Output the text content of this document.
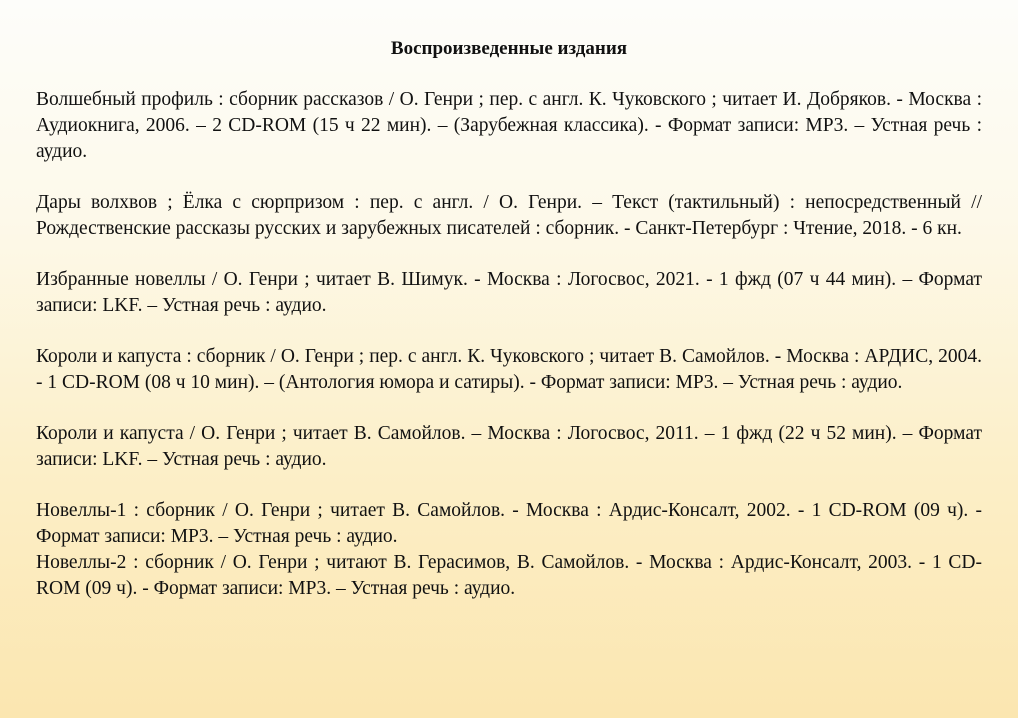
Воспроизведенные издания

Волшебный профиль : сборник рассказов / О. Генри ; пер. с англ. К. Чуковского ; читает И. Добряков. - Москва : Аудиокнига, 2006. – 2 CD-ROM (15 ч 22 мин). – (Зарубежная классика). - Формат записи: МР3. – Устная речь : аудио.

Дары волхвов ; Ёлка с сюрпризом : пер. с англ. / О. Генри. – Текст (тактильный) : непосредственный // Рождественские рассказы русских и зарубежных писателей : сборник. - Санкт-Петербург : Чтение, 2018. - 6 кн.

Избранные новеллы / О. Генри ; читает В. Шимук. - Москва : Логосвос, 2021. - 1 фжд (07 ч 44 мин). – Формат записи: LKF. – Устная речь : аудио.

Короли и капуста : сборник / О. Генри ; пер. с англ. К. Чуковского ; читает В. Самойлов. - Москва : АРДИС, 2004. - 1 CD-ROM (08 ч 10 мин). – (Антология юмора и сатиры). - Формат записи: МР3. – Устная речь : аудио.

Короли и капуста / О. Генри ; читает В. Самойлов. – Москва : Логосвос, 2011. – 1 фжд (22 ч 52 мин). – Формат записи: LKF. – Устная речь : аудио.

Новеллы-1 : сборник / О. Генри ; читает В. Самойлов. - Москва : Ардис-Консалт, 2002. - 1 CD-ROM (09 ч). - Формат записи: МР3. – Устная речь : аудио.

Новеллы-2 : сборник / О. Генри ; читают В. Герасимов, В. Самойлов. - Москва : Ардис-Консалт, 2003. - 1 CD-ROM (09 ч). - Формат записи: МР3. – Устная речь : аудио.
